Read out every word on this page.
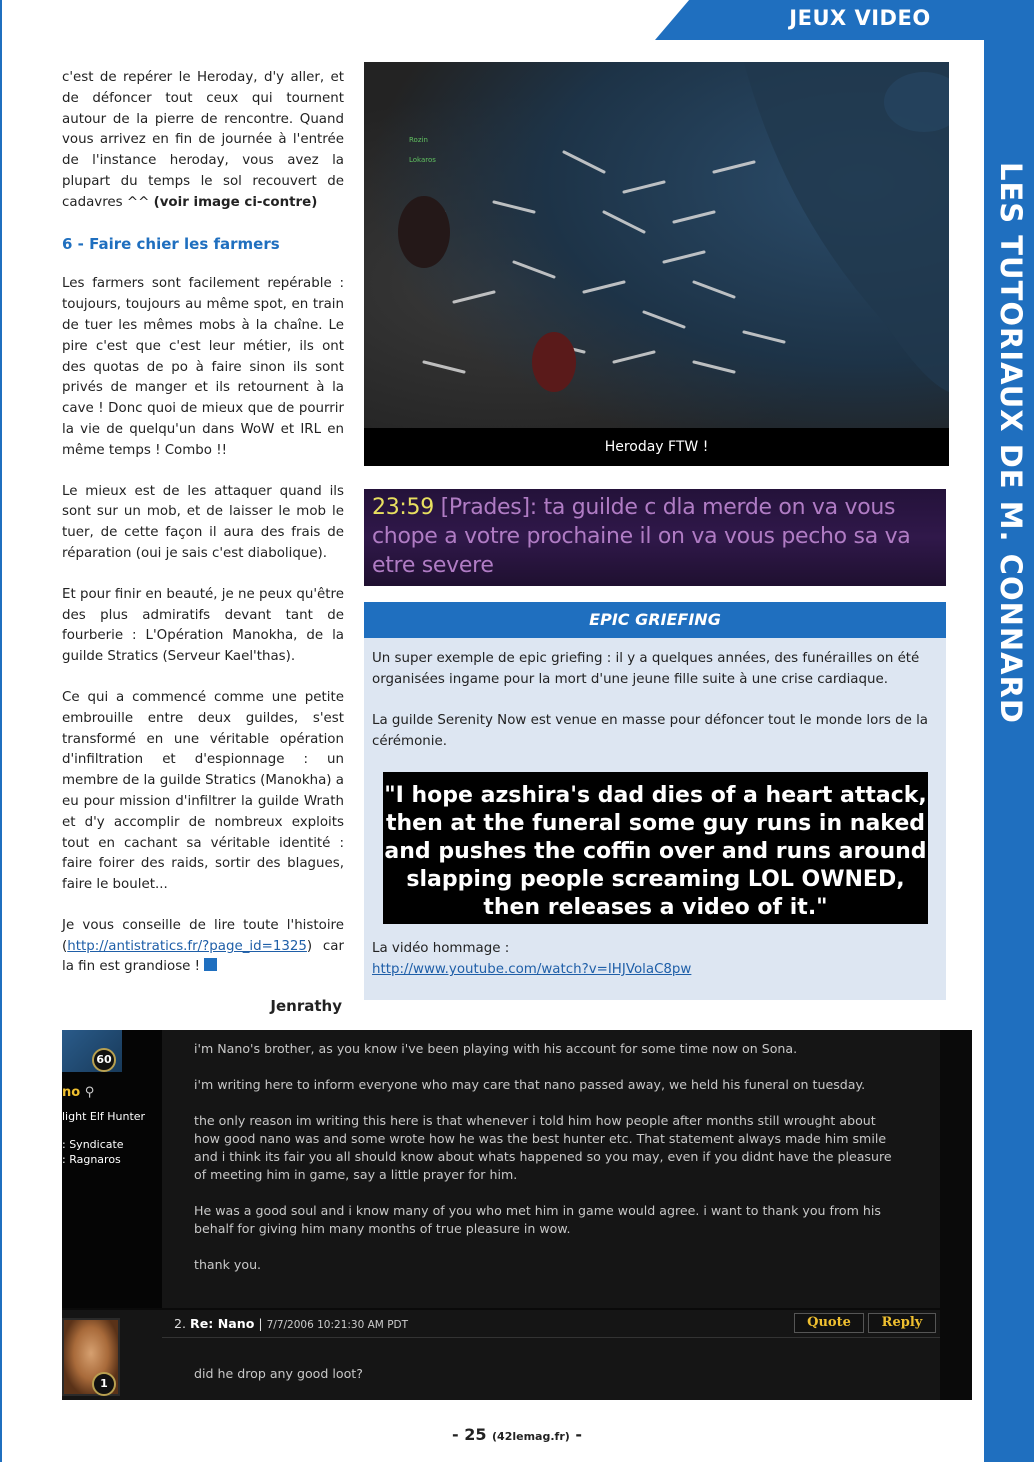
JEUX VIDEO
LES TUTORIAUX DE M. CONNARD

c'est de repérer le Heroday, d'y aller, et de défoncer tout ceux qui tournent autour de la pierre de rencontre. Quand vous arrivez en fin de journée à l'entrée de l'instance heroday, vous avez la plupart du temps le sol recouvert de cadavres ^^ (voir image ci-contre)

6 - Faire chier les farmers

Les farmers sont facilement repérable : toujours, toujours au même spot, en train de tuer les mêmes mobs à la chaîne. Le pire c'est que c'est leur métier, ils ont des quotas de po à faire sinon ils sont privés de manger et ils retournent à la cave ! Donc quoi de mieux que de pourrir la vie de quelqu'un dans WoW et IRL en même temps ! Combo !!

Le mieux est de les attaquer quand ils sont sur un mob, et de laisser le mob le tuer, de cette façon il aura des frais de réparation (oui je sais c'est diabolique).

Et pour finir en beauté, je ne peux qu'être des plus admiratifs devant tant de fourberie : L'Opération Manokha, de la guilde Stratics (Serveur Kael'thas).

Ce qui a commencé comme une petite embrouille entre deux guildes, s'est transformé en une véritable opération d'infiltration et d'espionnage : un membre de la guilde Stratics (Manokha) a eu pour mission d'infiltrer la guilde Wrath et d'y accomplir de nombreux exploits tout en cachant sa véritable identité : faire foirer des raids, sortir des blagues, faire le boulet...

Je vous conseille de lire toute l'histoire (http://antistratics.fr/?page_id=1325) car la fin est grandiose !

Jenrathy
Rozin
Lokaros
Heroday FTW !
23:59 [Prades]: ta guilde c dla merde on va vous chope a votre prochaine il on va vous pecho sa va etre severe
EPIC GRIEFING

Un super exemple de epic griefing : il y a quelques années, des funérailles on été organisées ingame pour la mort d'une jeune fille suite à une crise cardiaque.

La guilde Serenity Now est venue en masse pour défoncer tout le monde lors de la cérémonie.

"I hope azshira's dad dies of a heart attack, then at the funeral some guy runs in naked and pushes the coffin over and runs around slapping people screaming LOL OWNED, then releases a video of it."
La vidéo hommage :
http://www.youtube.com/watch?v=IHJVolaC8pw
60
no ⚲
light Elf Hunter
: Syndicate
: Ragnaros

i'm Nano's brother, as you know i've been playing with his account for some time now on Sona.

i'm writing here to inform everyone who may care that nano passed away, we held his funeral on tuesday.

the only reason im writing this here is that whenever i told him how people after months still wrought about how good nano was and some wrote how he was the best hunter etc. That statement always made him smile and i think its fair you all should know about whats happened so you may, even if you didnt have the pleasure of meeting him in game, say a little prayer for him.

He was a good soul and i know many of you who met him in game would agree. i want to thank you from his behalf for giving him many months of true pleasure in wow.

thank you.

1
2. Re: Nano | 7/7/2006 10:21:30 AM PDT	Quote	Reply
did he drop any good loot?
- 25 (42lemag.fr) -
